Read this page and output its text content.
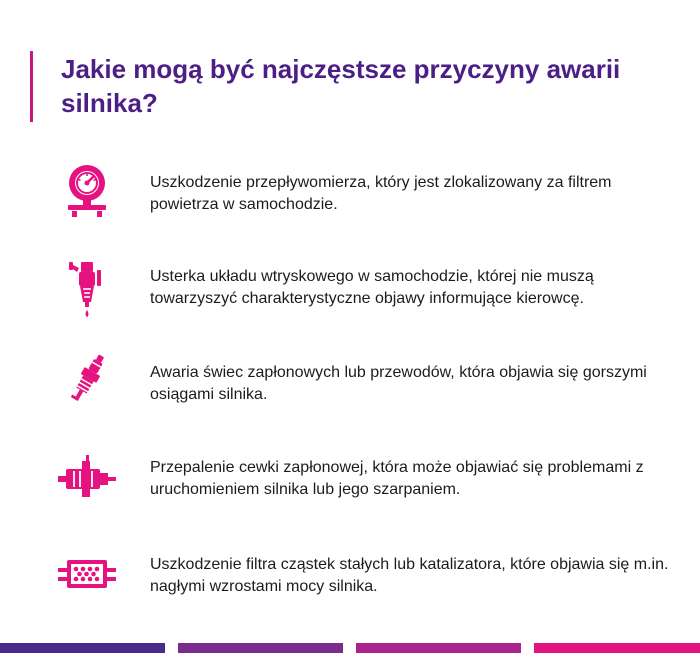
Jakie mogą być najczęstsze przyczyny awarii silnika?

Uszkodzenie przepływomierza, który jest zlokalizowany za filtrem powietrza w samochodzie.

Usterka układu wtryskowego w samochodzie, której nie muszą towarzyszyć charakterystyczne objawy informujące kierowcę.

Awaria świec zapłonowych lub przewodów, która objawia się gorszymi osiągami silnika.

Przepalenie cewki zapłonowej, która może objawiać się problemami z uruchomieniem silnika lub jego szarpaniem.

Uszkodzenie filtra cząstek stałych lub katalizatora, które objawia się m.in. nagłymi wzrostami mocy silnika.
